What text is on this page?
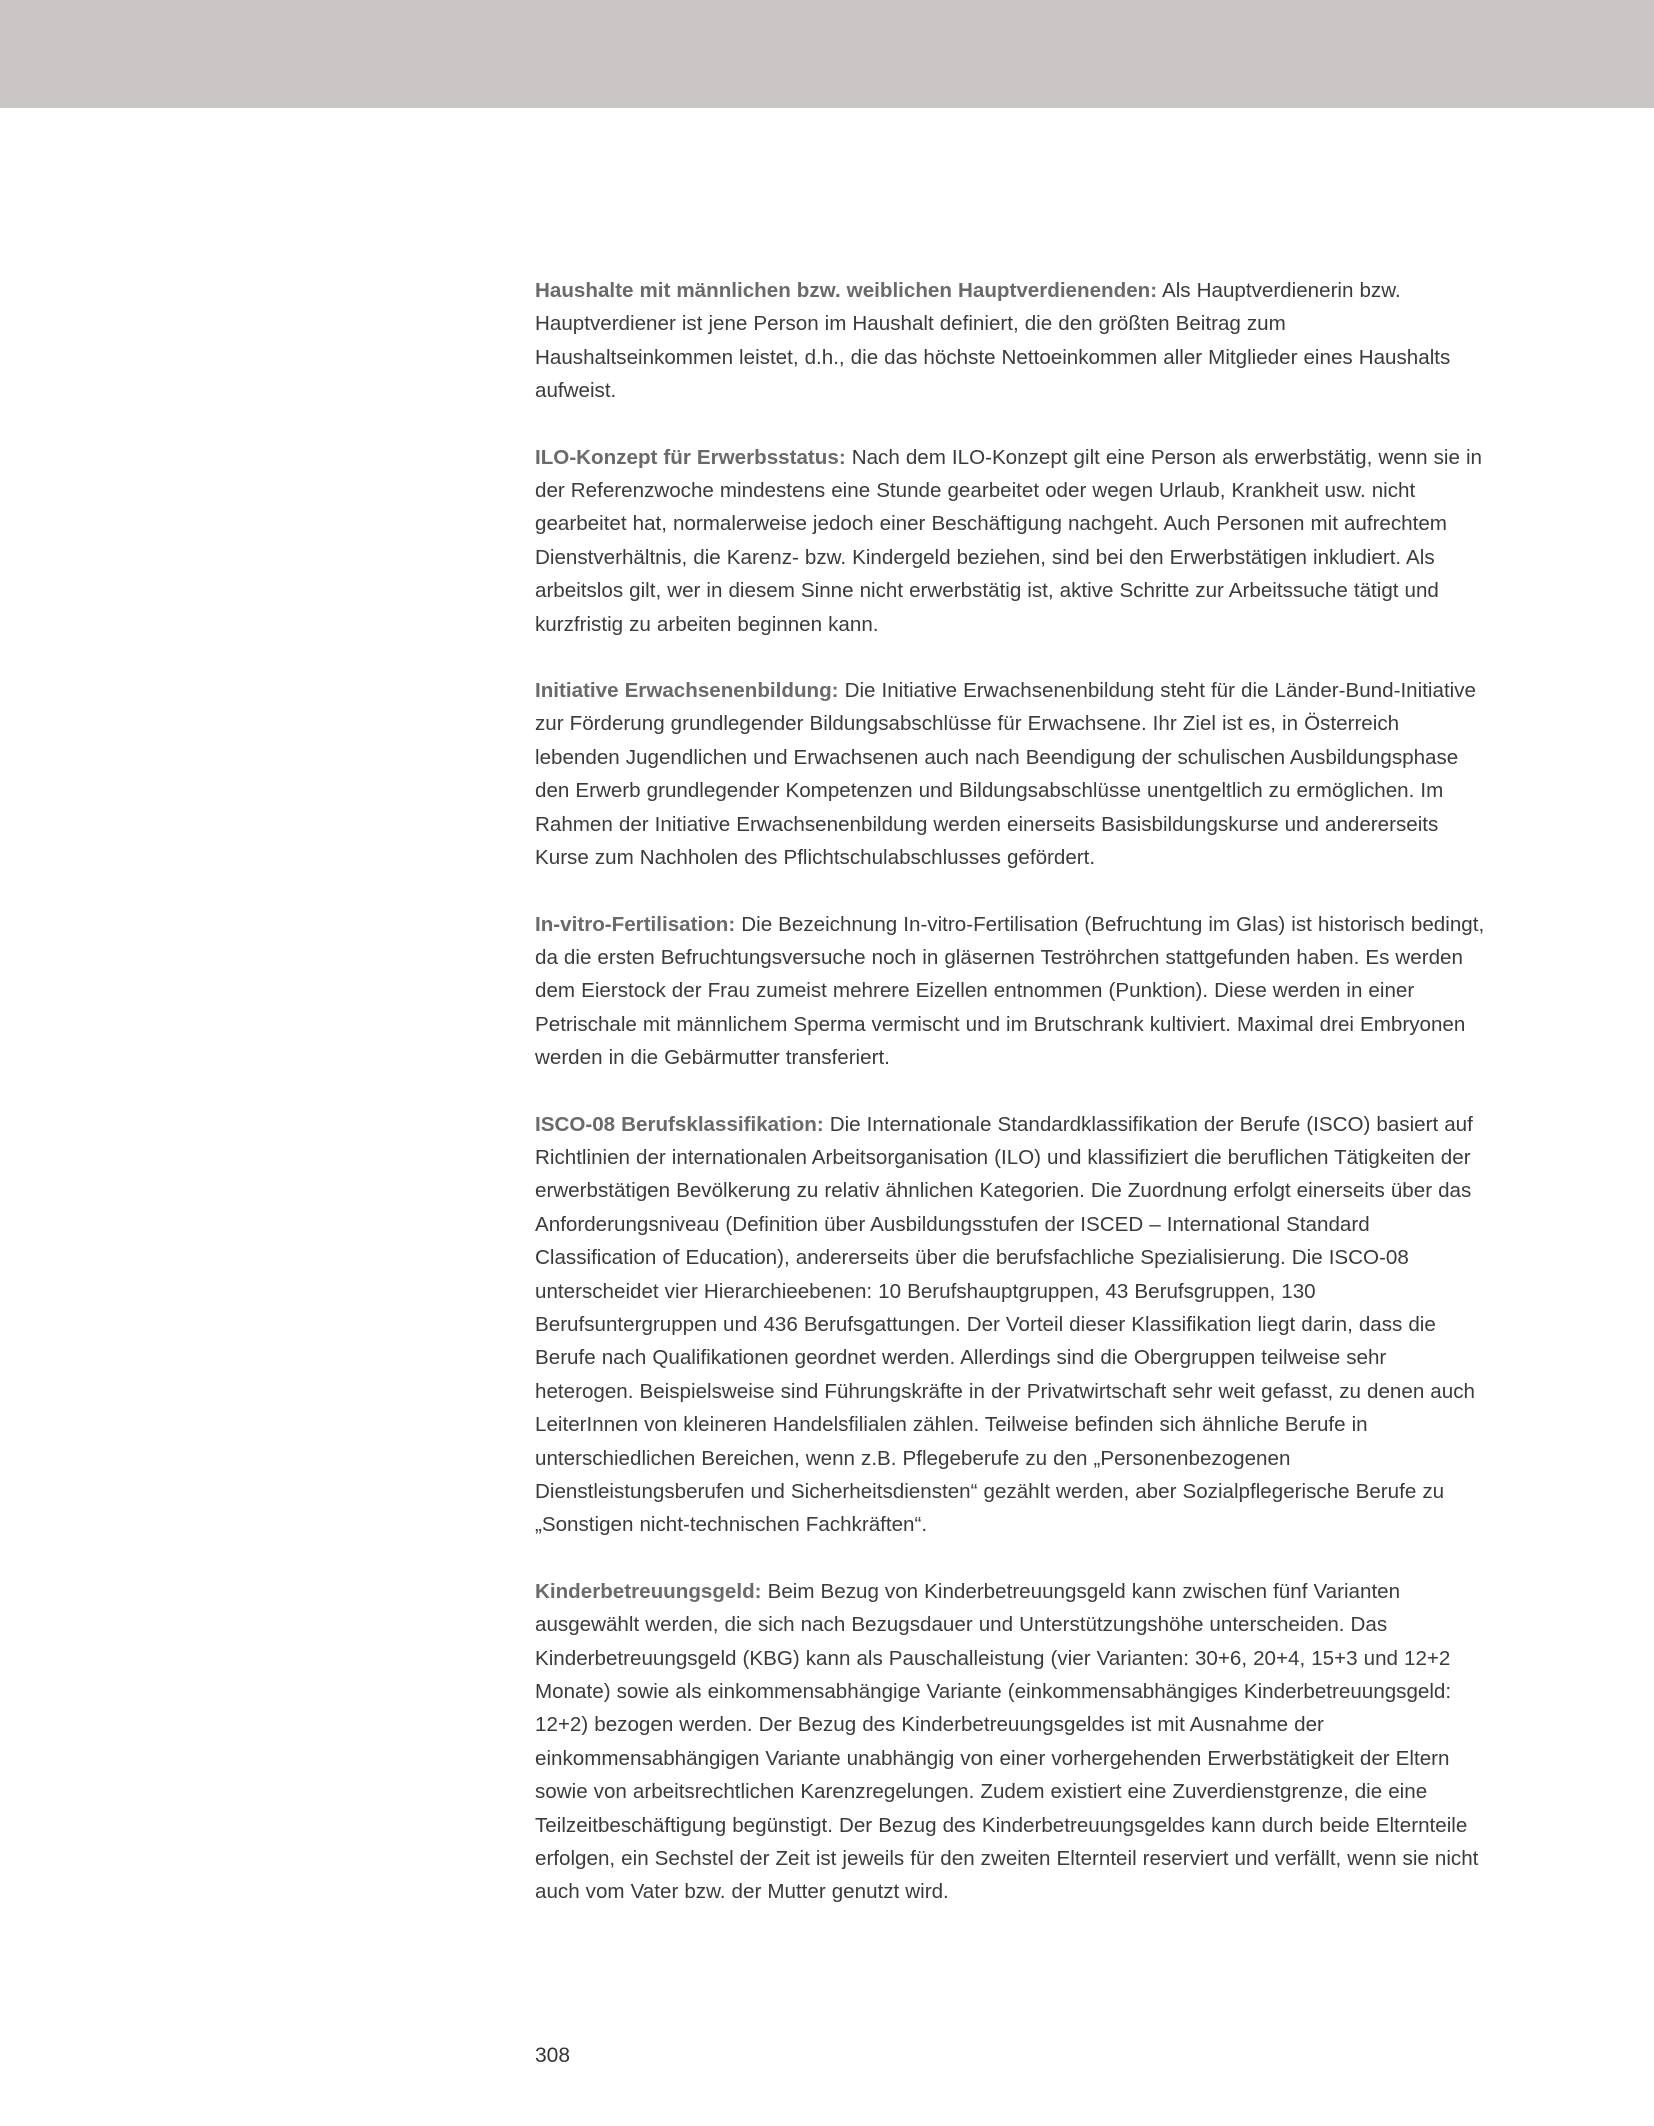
Haushalte mit männlichen bzw. weiblichen Hauptverdienenden: Als Hauptverdienerin bzw. Hauptverdiener ist jene Person im Haushalt definiert, die den größten Beitrag zum Haushaltseinkommen leistet, d.h., die das höchste Nettoeinkommen aller Mitglieder eines Haushalts aufweist.

ILO-Konzept für Erwerbsstatus: Nach dem ILO-Konzept gilt eine Person als erwerbstätig, wenn sie in der Referenzwoche mindestens eine Stunde gearbeitet oder wegen Urlaub, Krankheit usw. nicht gearbeitet hat, normalerweise jedoch einer Beschäftigung nachgeht. Auch Personen mit aufrechtem Dienstverhältnis, die Karenz- bzw. Kindergeld beziehen, sind bei den Erwerbstätigen inkludiert. Als arbeitslos gilt, wer in diesem Sinne nicht erwerbstätig ist, aktive Schritte zur Arbeitssuche tätigt und kurzfristig zu arbeiten beginnen kann.

Initiative Erwachsenenbildung: Die Initiative Erwachsenenbildung steht für die Länder-Bund-Initiative zur Förderung grundlegender Bildungsabschlüsse für Erwachsene. Ihr Ziel ist es, in Österreich lebenden Jugendlichen und Erwachsenen auch nach Beendigung der schulischen Ausbildungsphase den Erwerb grundlegender Kompetenzen und Bildungsabschlüsse unentgeltlich zu ermöglichen. Im Rahmen der Initiative Erwachsenenbildung werden einerseits Basisbildungskurse und andererseits Kurse zum Nachholen des Pflichtschulabschlusses gefördert.

In-vitro-Fertilisation: Die Bezeichnung In-vitro-Fertilisation (Befruchtung im Glas) ist historisch bedingt, da die ersten Befruchtungsversuche noch in gläsernen Teströhrchen stattgefunden haben. Es werden dem Eierstock der Frau zumeist mehrere Eizellen entnommen (Punktion). Diese werden in einer Petrischale mit männlichem Sperma vermischt und im Brutschrank kultiviert. Maximal drei Embryonen werden in die Gebärmutter transferiert.

ISCO-08 Berufsklassifikation: Die Internationale Standardklassifikation der Berufe (ISCO) basiert auf Richtlinien der internationalen Arbeitsorganisation (ILO) und klassifiziert die beruflichen Tätigkeiten der erwerbstätigen Bevölkerung zu relativ ähnlichen Kategorien. Die Zuordnung erfolgt einerseits über das Anforderungsniveau (Definition über Ausbildungsstufen der ISCED – International Standard Classification of Education), andererseits über die berufsfachliche Spezialisierung. Die ISCO-08 unterscheidet vier Hierarchieebenen: 10 Berufshauptgruppen, 43 Berufsgruppen, 130 Berufsuntergruppen und 436 Berufsgattungen. Der Vorteil dieser Klassifikation liegt darin, dass die Berufe nach Qualifikationen geordnet werden. Allerdings sind die Obergruppen teilweise sehr heterogen. Beispielsweise sind Führungskräfte in der Privatwirtschaft sehr weit gefasst, zu denen auch LeiterInnen von kleineren Handelsfilialen zählen. Teilweise befinden sich ähnliche Berufe in unterschiedlichen Bereichen, wenn z.B. Pflegeberufe zu den „Personenbezogenen Dienstleistungsberufen und Sicherheitsdiensten“ gezählt werden, aber Sozialpflegerische Berufe zu „Sonstigen nicht-technischen Fachkräften“.

Kinderbetreuungsgeld: Beim Bezug von Kinderbetreuungsgeld kann zwischen fünf Varianten ausgewählt werden, die sich nach Bezugsdauer und Unterstützungshöhe unterscheiden. Das Kinderbetreuungsgeld (KBG) kann als Pauschalleistung (vier Varianten: 30+6, 20+4, 15+3 und 12+2 Monate) sowie als einkommensabhängige Variante (einkommensabhängiges Kinderbetreuungsgeld: 12+2) bezogen werden. Der Bezug des Kinderbetreuungsgeldes ist mit Ausnahme der einkommensabhängigen Variante unabhängig von einer vorhergehenden Erwerbstätigkeit der Eltern sowie von arbeitsrechtlichen Karenzregelungen. Zudem existiert eine Zuverdienstgrenze, die eine Teilzeitbeschäftigung begünstigt. Der Bezug des Kinderbetreuungsgeldes kann durch beide Elternteile erfolgen, ein Sechstel der Zeit ist jeweils für den zweiten Elternteil reserviert und verfällt, wenn sie nicht auch vom Vater bzw. der Mutter genutzt wird.

308
